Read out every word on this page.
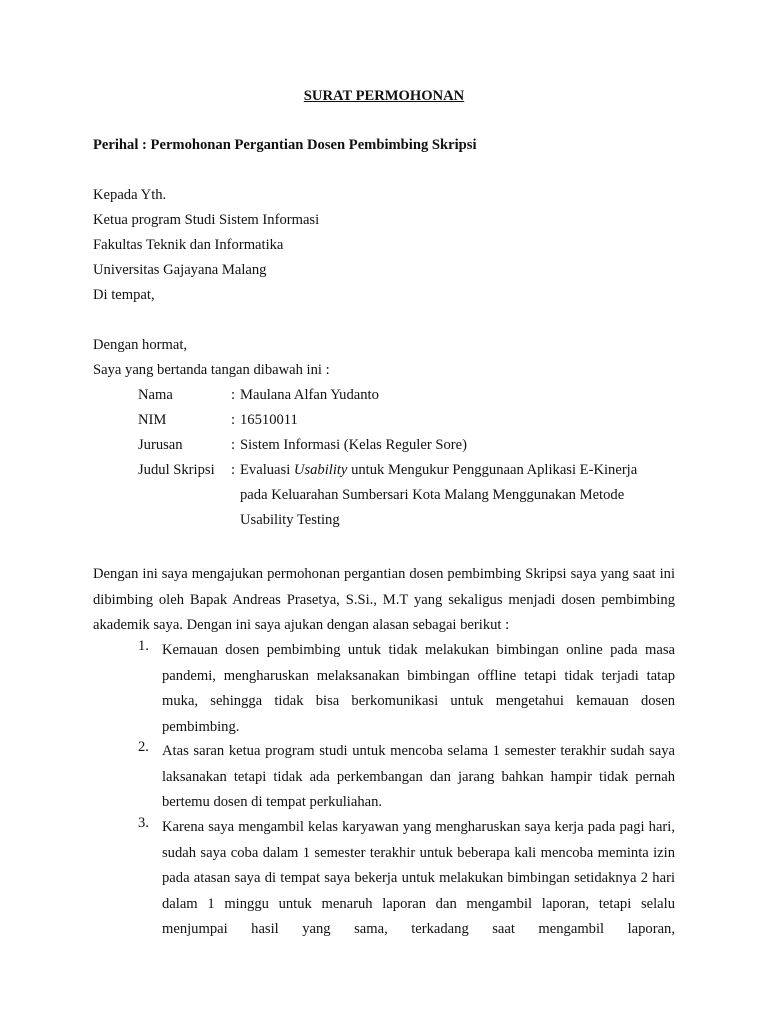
SURAT PERMOHONAN
Perihal : Permohonan Pergantian Dosen Pembimbing Skripsi
Kepada Yth.
Ketua program Studi Sistem Informasi
Fakultas Teknik dan Informatika
Universitas Gajayana Malang
Di tempat,
Dengan hormat,
Saya yang bertanda tangan dibawah ini :
Nama	: Maulana Alfan Yudanto
NIM	: 16510011
Jurusan	: Sistem Informasi (Kelas Reguler Sore)
Judul Skripsi : Evaluasi Usability untuk Mengukur Penggunaan Aplikasi E-Kinerja
pada Keluarahan Sumbersari Kota Malang Menggunakan Metode
Usability Testing
Dengan ini saya mengajukan permohonan pergantian dosen pembimbing Skripsi saya yang saat ini dibimbing oleh Bapak Andreas Prasetya, S.Si., M.T yang sekaligus menjadi dosen pembimbing akademik saya. Dengan ini saya ajukan dengan alasan sebagai berikut :
1. Kemauan dosen pembimbing untuk tidak melakukan bimbingan online pada masa pandemi, mengharuskan melaksanakan bimbingan offline tetapi tidak terjadi tatap muka, sehingga tidak bisa berkomunikasi untuk mengetahui kemauan dosen pembimbing.
2. Atas saran ketua program studi untuk mencoba selama 1 semester terakhir sudah saya laksanakan tetapi tidak ada perkembangan dan jarang bahkan hampir tidak pernah bertemu dosen di tempat perkuliahan.
3. Karena saya mengambil kelas karyawan yang mengharuskan saya kerja pada pagi hari, sudah saya coba dalam 1 semester terakhir untuk beberapa kali mencoba meminta izin pada atasan saya di tempat saya bekerja untuk melakukan bimbingan setidaknya 2 hari dalam 1 minggu untuk menaruh laporan dan mengambil laporan, tetapi selalu menjumpai hasil yang sama, terkadang saat mengambil laporan,
